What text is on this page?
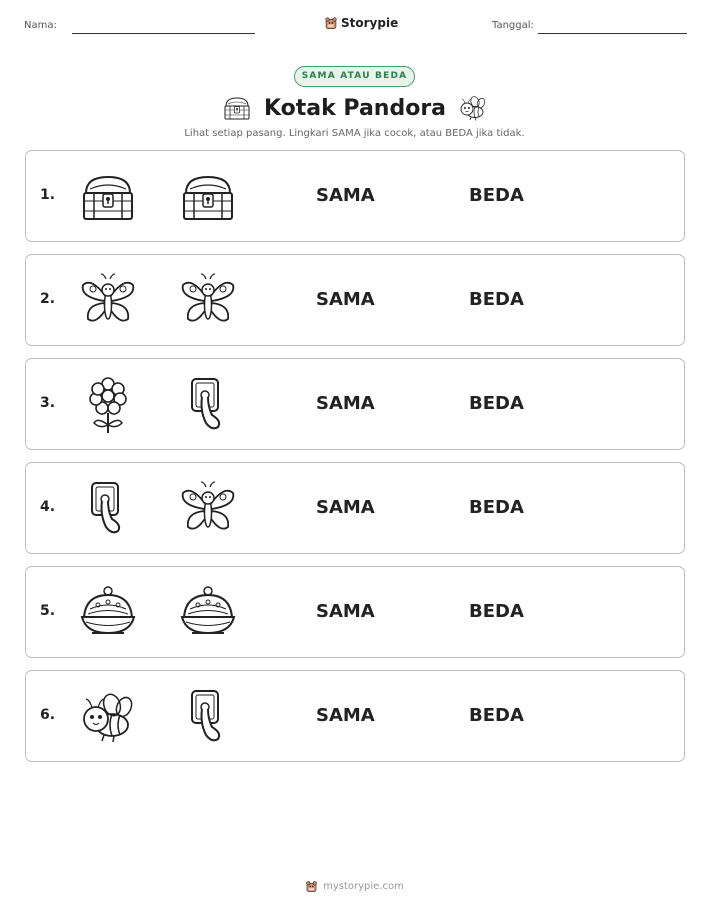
Nama:	Storypie	Tanggal:
SAMA ATAU BEDA
Kotak Pandora
Lihat setiap pasang. Lingkari SAMA jika cocok, atau BEDA jika tidak.
1.	SAMA	BEDA
2.	SAMA	BEDA
3.	SAMA	BEDA
4.	SAMA	BEDA
5.	SAMA	BEDA
6.	SAMA	BEDA
mystorypie.com
